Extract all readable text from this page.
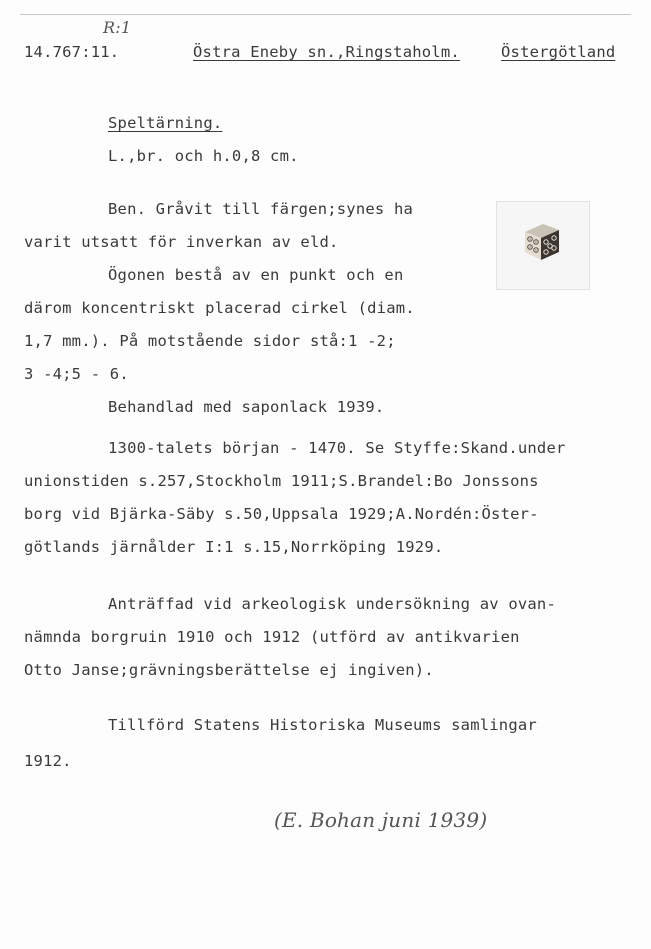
R:1
14.767:11.	Östra Eneby sn.,Ringstaholm.	Östergötland
Speltärning.
L.,br. och h.0,8 cm.
Ben. Gråvit till färgen;synes ha
varit utsatt för inverkan av eld.
Ögonen bestå av en punkt och en
därom koncentriskt placerad cirkel (diam.
1,7 mm.). På motstående sidor stå:1 -2;
3 -4;5 - 6.
Behandlad med saponlack 1939.
1300-talets början - 1470. Se Styffe:Skand.under
unionstiden s.257,Stockholm 1911;S.Brandel:Bo Jonssons
borg vid Bjärka-Säby s.50,Uppsala 1929;A.Nordén:Öster-
götlands järnålder I:1 s.15,Norrköping 1929.
Anträffad vid arkeologisk undersökning av ovan-
nämnda borgruin 1910 och 1912 (utförd av antikvarien
Otto Janse;grävningsberättelse ej ingiven).
Tillförd Statens Historiska Museums samlingar
1912.
(E. Bohan juni 1939)
